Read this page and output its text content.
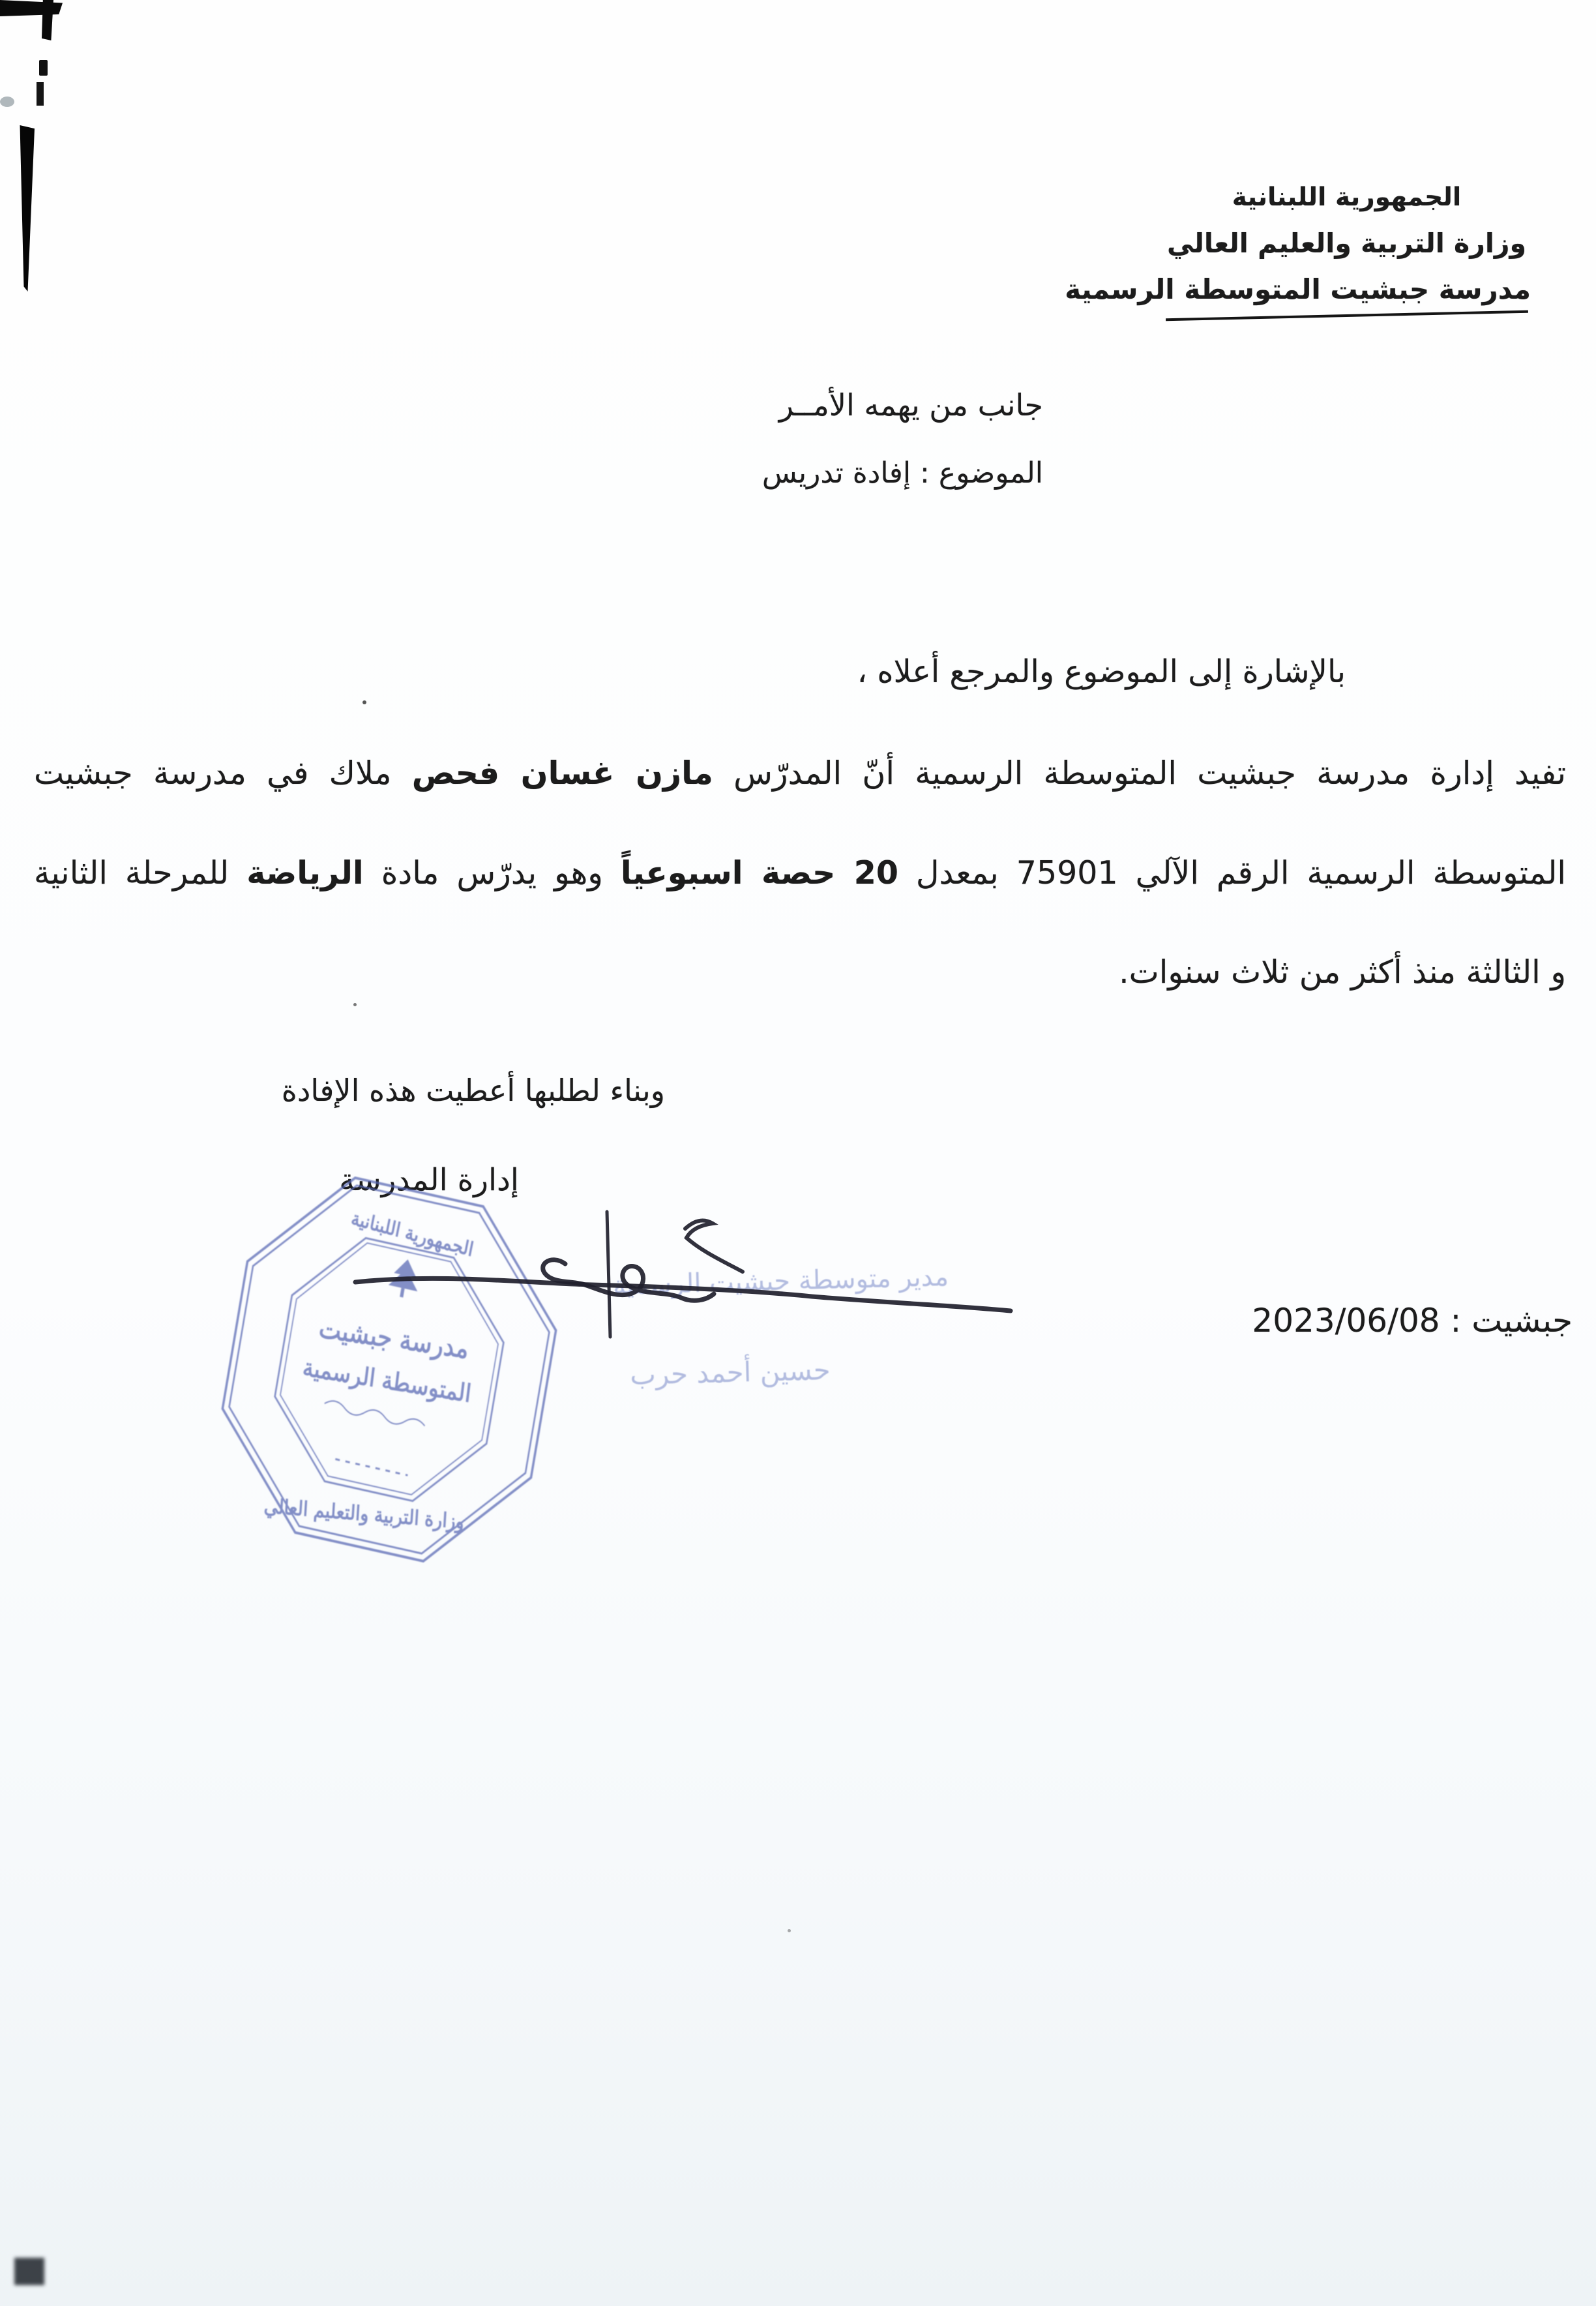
الجمهورية اللبنانية
وزارة التربية والعليم العالي
مدرسة جبشيت المتوسطة الرسمية
جانب من يهمه الأمــر
الموضوع : إفادة تدريس
بالإشارة إلى الموضوع والمرجع أعلاه ،
تفيد إدارة مدرسة جبشيت المتوسطة الرسمية أنّ المدرّس مازن غسان فحص ملاك في مدرسة جبشيت
المتوسطة الرسمية الرقم الآلي 75901 بمعدل 20 حصة اسبوعياً وهو يدرّس مادة الرياضة للمرحلة الثانية
و الثالثة منذ أكثر من ثلاث سنوات.
وبناء لطلبها أعطيت هذه الإفادة
إدارة المدرسة
الجمهورية اللبنانية
مدرسة جبشيت
المتوسطة الرسمية
وزارة التربية والتعليم العالي
مدير متوسطة جبشيت الرسمية
حسين أحمد حرب
جبشيت : 2023/06/08
